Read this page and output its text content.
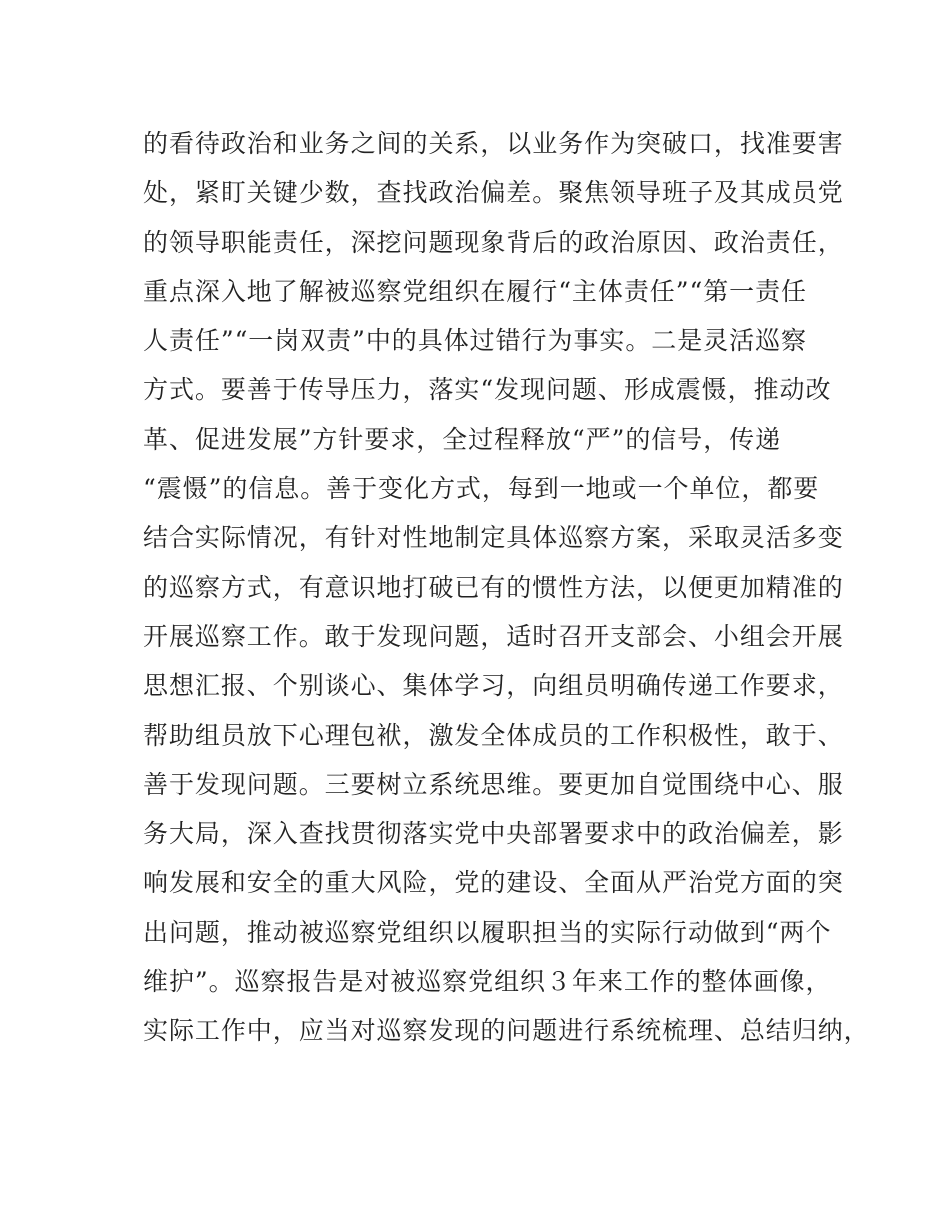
的看待政治和业务之间的关系，以业务作为突破口，找准要害
处，紧盯关键少数，查找政治偏差。聚焦领导班子及其成员党
的领导职能责任，深挖问题现象背后的政治原因、政治责任，
重点深入地了解被巡察党组织在履行“主体责任”“第一责任
人责任”“一岗双责”中的具体过错行为事实。二是灵活巡察
方式。要善于传导压力，落实“发现问题、形成震慑，推动改
革、促进发展”方针要求，全过程释放“严”的信号，传递
“震慑”的信息。善于变化方式，每到一地或一个单位，都要
结合实际情况，有针对性地制定具体巡察方案，采取灵活多变
的巡察方式，有意识地打破已有的惯性方法，以便更加精准的
开展巡察工作。敢于发现问题，适时召开支部会、小组会开展
思想汇报、个别谈心、集体学习，向组员明确传递工作要求，
帮助组员放下心理包袱，激发全体成员的工作积极性，敢于、
善于发现问题。三要树立系统思维。要更加自觉围绕中心、服
务大局，深入查找贯彻落实党中央部署要求中的政治偏差，影
响发展和安全的重大风险，党的建设、全面从严治党方面的突
出问题，推动被巡察党组织以履职担当的实际行动做到“两个
维护”。巡察报告是对被巡察党组织３年来工作的整体画像，
实际工作中，应当对巡察发现的问题进行系统梳理、总结归纳，
